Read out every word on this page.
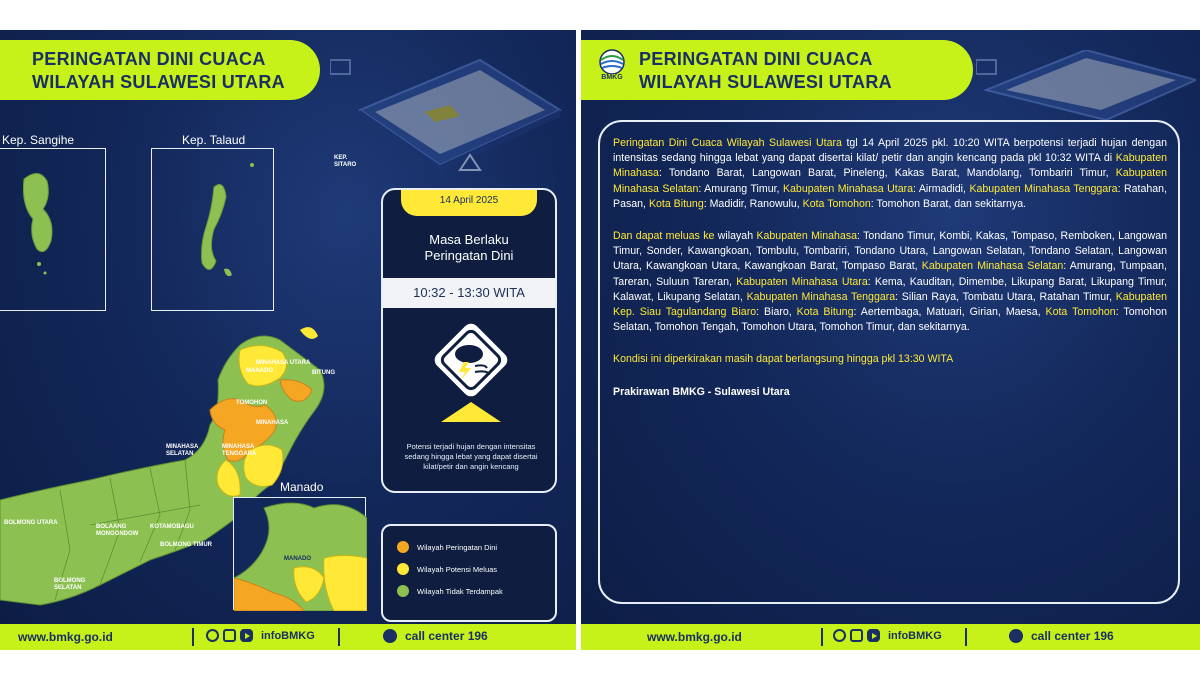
PERINGATAN DINI CUACA
WILAYAH SULAWESI UTARA
Kep. Sangihe	Kep. Talaud
KEP. SITARO
MINAHASA UTARA
MANADO	BITUNG
TOMOHON
MINAHASA
MINAHASA SELATAN
MINAHASA TENGGARA
BOLMONG UTARA
BOLAANG MONGONDOW
KOTAMOBAGU
BOLMONG TIMUR
BOLMONG SELATAN
Manado
MANADO
14 April 2025
Masa Berlaku
Peringatan Dini
10:32 - 13:30 WITA
Potensi terjadi hujan dengan intensitas sedang hingga lebat yang dapat disertai kilat/petir dan angin kencang
Wilayah Peringatan Dini
Wilayah Potensi Meluas
Wilayah Tidak Terdampak
www.bmkg.go.id	infoBMKG	call center 196
PERINGATAN DINI CUACA
WILAYAH SULAWESI UTARA
BMKG

Peringatan Dini Cuaca Wilayah Sulawesi Utara tgl 14 April 2025 pkl. 10:20 WITA berpotensi terjadi hujan dengan intensitas sedang hingga lebat yang dapat disertai kilat/ petir dan angin kencang pada pkl 10:32 WITA di Kabupaten Minahasa: Tondano Barat, Langowan Barat, Pineleng, Kakas Barat, Mandolang, Tombariri Timur, Kabupaten Minahasa Selatan: Amurang Timur, Kabupaten Minahasa Utara: Airmadidi, Kabupaten Minahasa Tenggara: Ratahan, Pasan, Kota Bitung: Madidir, Ranowulu, Kota Tomohon: Tomohon Barat, dan sekitarnya.

Dan dapat meluas ke wilayah Kabupaten Minahasa: Tondano Timur, Kombi, Kakas, Tompaso, Remboken, Langowan Timur, Sonder, Kawangkoan, Tombulu, Tombariri, Tondano Utara, Langowan Selatan, Tondano Selatan, Langowan Utara, Kawangkoan Utara, Kawangkoan Barat, Tompaso Barat, Kabupaten Minahasa Selatan: Amurang, Tumpaan, Tareran, Suluun Tareran, Kabupaten Minahasa Utara: Kema, Kauditan, Dimembe, Likupang Barat, Likupang Timur, Kalawat, Likupang Selatan, Kabupaten Minahasa Tenggara: Silian Raya, Tombatu Utara, Ratahan Timur, Kabupaten Kep. Siau Tagulandang Biaro: Biaro, Kota Bitung: Aertembaga, Matuari, Girian, Maesa, Kota Tomohon: Tomohon Selatan, Tomohon Tengah, Tomohon Utara, Tomohon Timur, dan sekitarnya.

Kondisi ini diperkirakan masih dapat berlangsung hingga pkl 13:30 WITA

Prakirawan BMKG - Sulawesi Utara

www.bmkg.go.id	infoBMKG	call center 196
